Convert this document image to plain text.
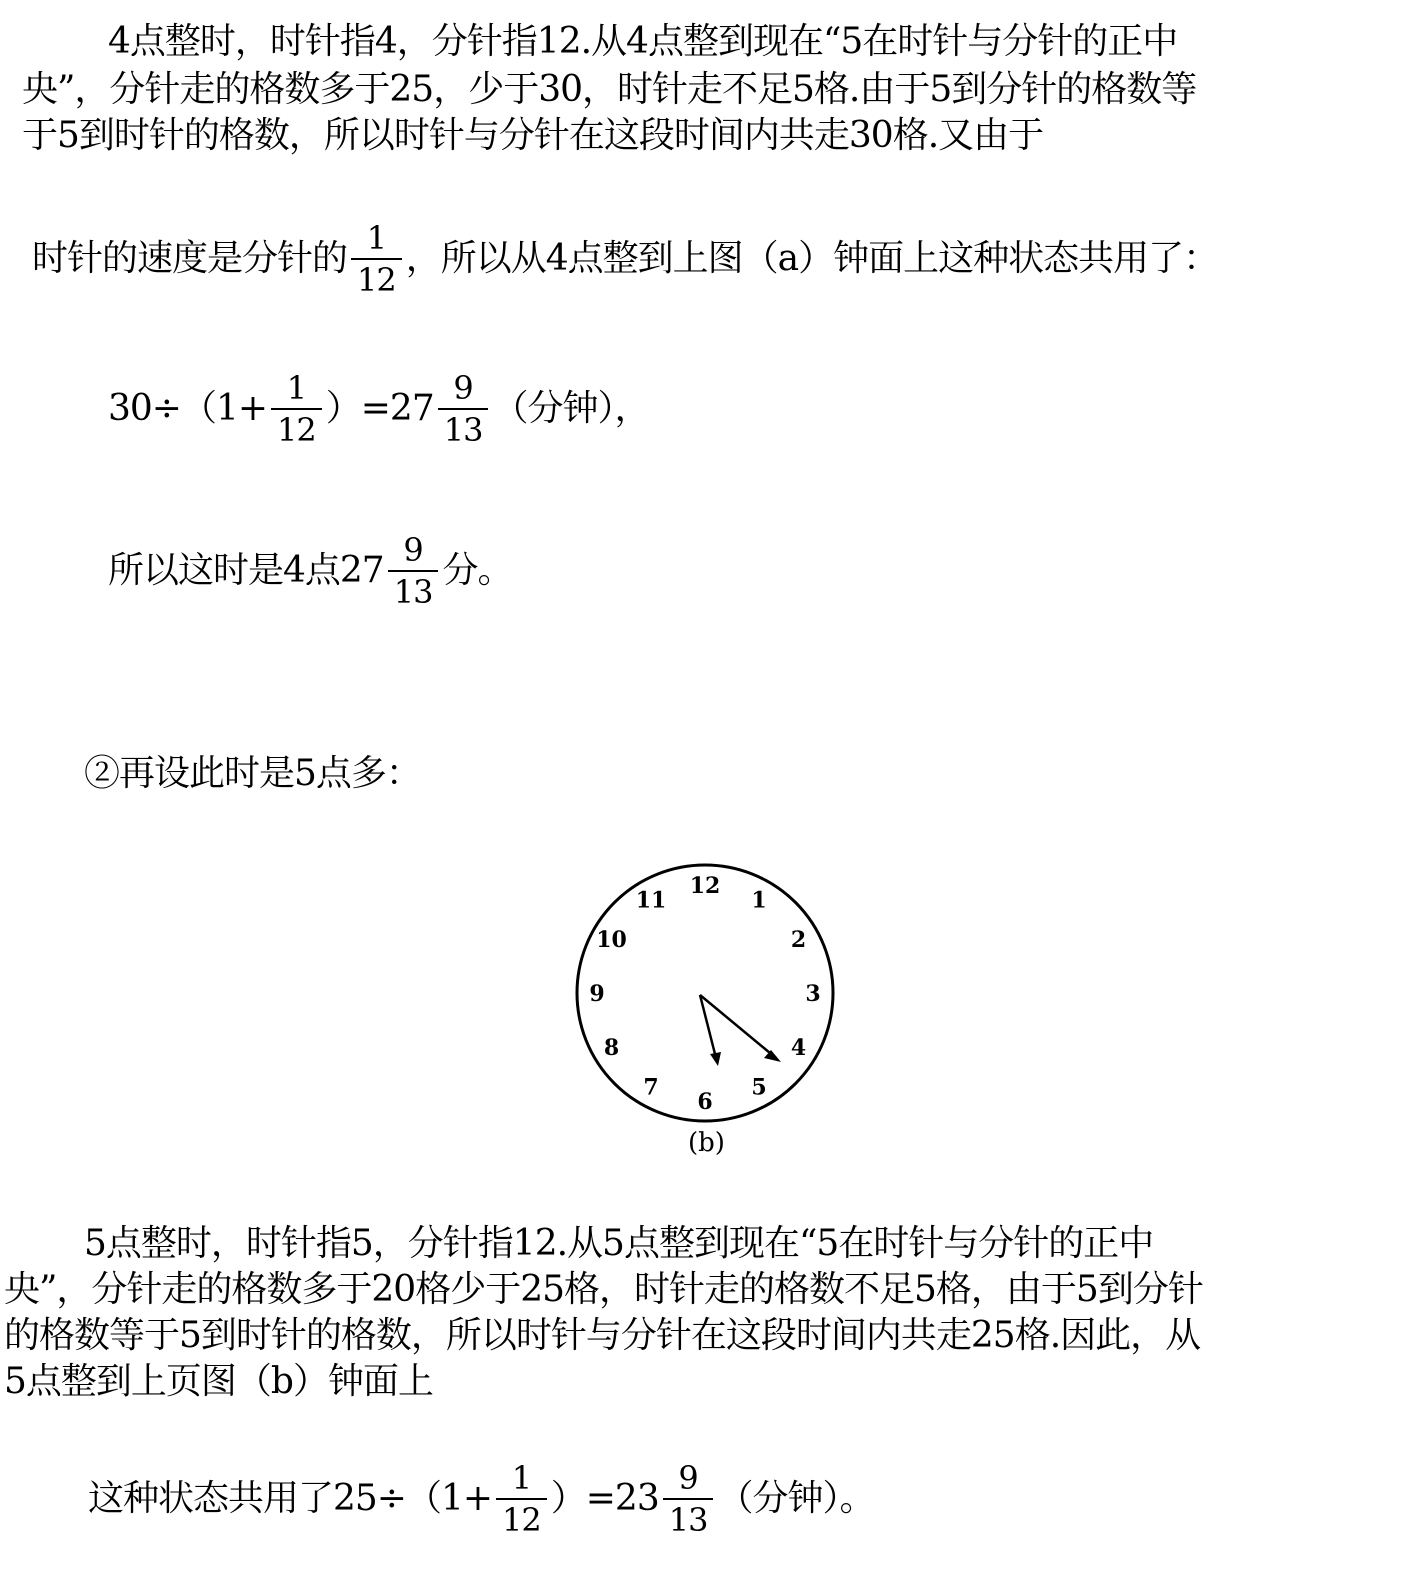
4点整时，时针指4，分针指12.从4点整到现在“5在时针与分针的正中
央”，分针走的格数多于25，少于30，时针走不足5格.由于5到分针的格数等
于5到时针的格数，所以时针与分针在这段时间内共走30格.又由于
时针的速度是分针的 $\frac{1}{12}$ ，所以从4点整到上图（a）钟面上这种状态共用了：
$30\div(1+ \frac{1}{12} )=27 \frac{9}{13}$ （分钟），
所以这时是4点$27 \frac{9}{13}$ 分。
②再设此时是5点多：
12
1
2
3
4
5
6
7
8
9
10
11
(b)
5点整时，时针指5，分针指12.从5点整到现在“5在时针与分针的正中
央”，分针走的格数多于20格少于25格，时针走的格数不足5格，由于5到分针
的格数等于5到时针的格数，所以时针与分针在这段时间内共走25格.因此，从
5点整到上页图（b）钟面上
这种状态共用了$25\div(1+ \frac{1}{12} )=23 \frac{9}{13}$ （分钟）。
